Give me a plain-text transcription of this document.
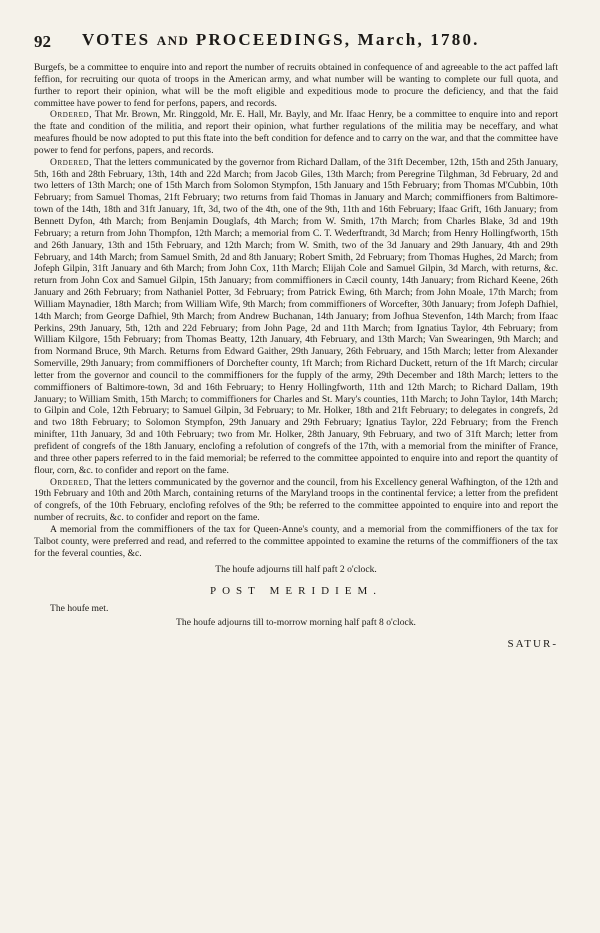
92 VOTES AND PROCEEDINGS, March, 1780.

Burgefs, be a committee to enquire into and report the number of recruits obtained in confequence of and agreeable to the act paffed laft feffion, for recruiting our quota of troops in the American army, and what number will be wanting to complete our full quota, and further to report their opinion, what will be the moft eligible and expeditious mode to procure the deficiency, and that the faid committee have power to fend for perfons, papers, and records.

Ordered, That Mr. Brown, Mr. Ringgold, Mr. E. Hall, Mr. Bayly, and Mr. Ifaac Henry, be a committee to enquire into and report the ftate and condition of the militia, and report their opinion, what further regulations of the militia may be neceffary, and what meafures fhould be now adopted to put this ftate into the beft condition for defence and to carry on the war, and that the committee have power to fend for perfons, papers, and records.

Ordered, That the letters communicated by the governor from Richard Dallam, of the 31ft December, 12th, 15th and 25th January, 5th, 16th and 28th February, 13th, 14th and 22d March; from Jacob Giles, 13th March; from Peregrine Tilghman, 3d February, 2d and two letters of 13th March; one of 15th March from Solomon Stympfon, 15th January and 15th February; from Thomas M'Cubbin, 10th February; from Samuel Thomas, 21ft February; two returns from faid Thomas in January and March; commiffioners from Baltimore-town of the 14th, 18th and 31ft January, 1ft, 3d, two of the 4th, one of the 9th, 11th and 16th February; Ifaac Grift, 16th January; from Bennett Dyfon, 4th March; from Benjamin Douglafs, 4th March; from W. Smith, 17th March; from Charles Blake, 3d and 19th February; a return from John Thompfon, 12th March; a memorial from C. T. Wederftrandt, 3d March; from Henry Hollingfworth, 15th and 26th January, 13th and 15th February, and 12th March; from W. Smith, two of the 3d January and 29th January, 4th and 29th February, and 14th March; from Samuel Smith, 2d and 8th January; Robert Smith, 2d February; from Thomas Hughes, 2d March; from Jofeph Gilpin, 31ft January and 6th March; from John Cox, 11th March; Elijah Cole and Samuel Gilpin, 3d March, with returns, &c. return from John Cox and Samuel Gilpin, 15th January; from commiffioners in Cæcil county, 14th January; from Richard Keene, 26th January and 26th February; from Nathaniel Potter, 3d February; from Patrick Ewing, 6th March; from John Moale, 17th March; from William Maynadier, 18th March; from William Wife, 9th March; from commiffioners of Worcefter, 30th January; from Jofeph Dafhiel, 14th March; from George Dafhiel, 9th March; from Andrew Buchanan, 14th January; from Jofhua Stevenfon, 14th March; from Ifaac Perkins, 29th January, 5th, 12th and 22d February; from John Page, 2d and 11th March; from Ignatius Taylor, 4th February; from William Kilgore, 15th February; from Thomas Beatty, 12th January, 4th February, and 13th March; Van Swearingen, 9th March; and from Normand Bruce, 9th March. Returns from Edward Gaither, 29th January, 26th February, and 15th March; letter from Alexander Somerville, 29th January; from commiffioners of Dorchefter county, 1ft March; from Richard Duckett, return of the 1ft March; circular letter from the governor and council to the commiffioners for the fupply of the army, 29th December and 18th March; letters to the commiffioners of Baltimore-town, 3d and 16th February; to Henry Hollingfworth, 11th and 12th March; to Richard Dallam, 19th January; to William Smith, 15th March; to commiffioners for Charles and St. Mary's counties, 11th March; to John Taylor, 14th March; to Gilpin and Cole, 12th February; to Samuel Gilpin, 3d February; to Mr. Holker, 18th and 21ft February; to delegates in congrefs, 2d and two 18th February; to Solomon Stympfon, 29th January and 29th February; Ignatius Taylor, 22d February; from the French minifter, 11th January, 3d and 10th February; two from Mr. Holker, 28th January, 9th February, and two of 31ft March; letter from prefident of congrefs of the 18th January, enclofing a refolution of congrefs of the 17th, with a memorial from the minifter of France, and three other papers referred to in the faid memorial; be referred to the committee appointed to enquire into and report the quantity of flour, corn, &c. to confider and report on the fame.

Ordered, That the letters communicated by the governor and the council, from his Excellency general Wafhington, of the 12th and 19th February and 10th and 20th March, containing returns of the Maryland troops in the continental fervice; a letter from the prefident of congrefs, of the 10th February, enclofing refolves of the 9th; be referred to the committee appointed to enquire into and report the number of recruits, &c. to confider and report on the fame.

A memorial from the commiffioners of the tax for Queen-Anne's county, and a memorial from the commiffioners of the tax for Talbot county, were preferred and read, and referred to the committee appointed to examine the returns of the commiffioners of the tax for the feveral counties, &c.

The houfe adjourns till half paft 2 o'clock.
POST MERIDIEM.
The houfe met.
The houfe adjourns till to-morrow morning half paft 8 o'clock.
SATUR-
